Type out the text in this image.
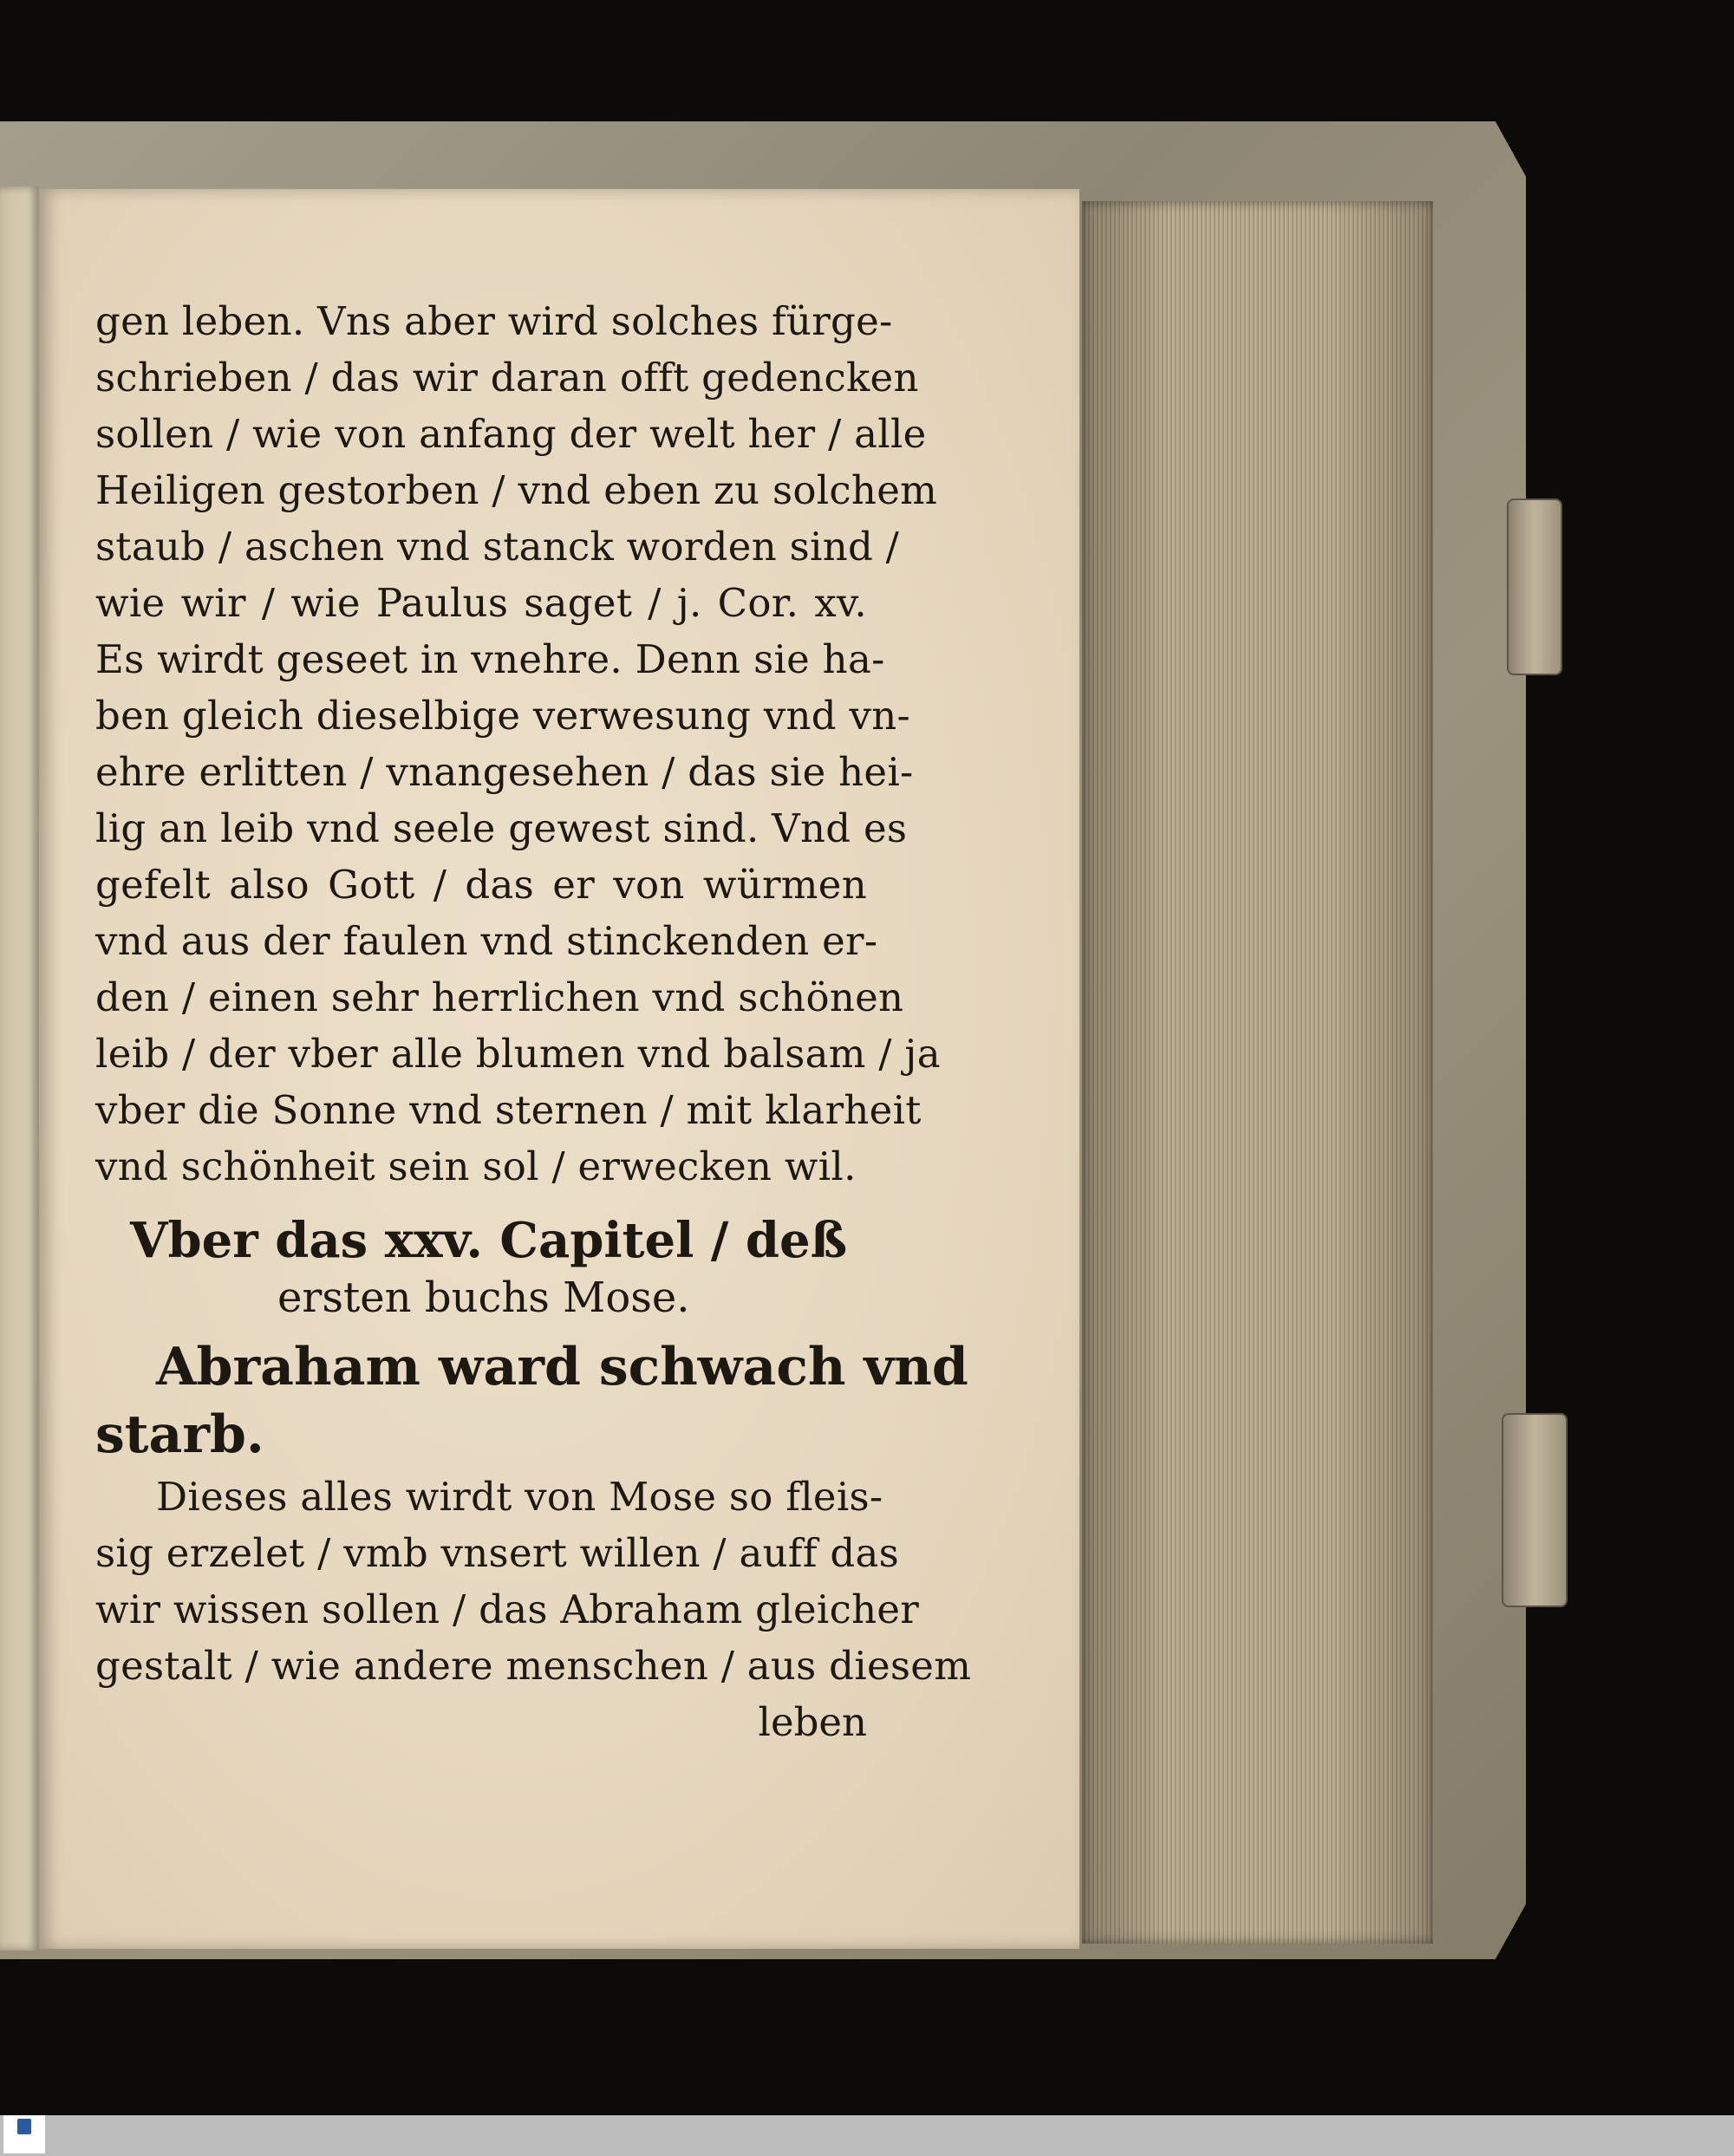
gen leben. Vns aber wird solches fürge-
schrieben / das wir daran offt gedencken
sollen / wie von anfang der welt her / alle
Heiligen gestorben / vnd eben zu solchem
staub / aschen vnd stanck worden sind /
wie wir / wie Paulus saget / j. Cor. xv.
Es wirdt geseet in vnehre. Denn sie ha-
ben gleich dieselbige verwesung vnd vn-
ehre erlitten / vnangesehen / das sie hei-
lig an leib vnd seele gewest sind. Vnd es
gefelt also Gott / das er von würmen
vnd aus der faulen vnd stinckenden er-
den / einen sehr herrlichen vnd schönen
leib / der vber alle blumen vnd balsam / ja
vber die Sonne vnd sternen / mit klarheit
vnd schönheit sein sol / erwecken wil.
Vber das xxv. Capitel / deß
ersten buchs Mose.
Abraham ward schwach vnd
starb.
Dieses alles wirdt von Mose so fleis-
sig erzelet / vmb vnsert willen / auff das
wir wissen sollen / das Abraham gleicher
gestalt / wie andere menschen / aus diesem
leben
